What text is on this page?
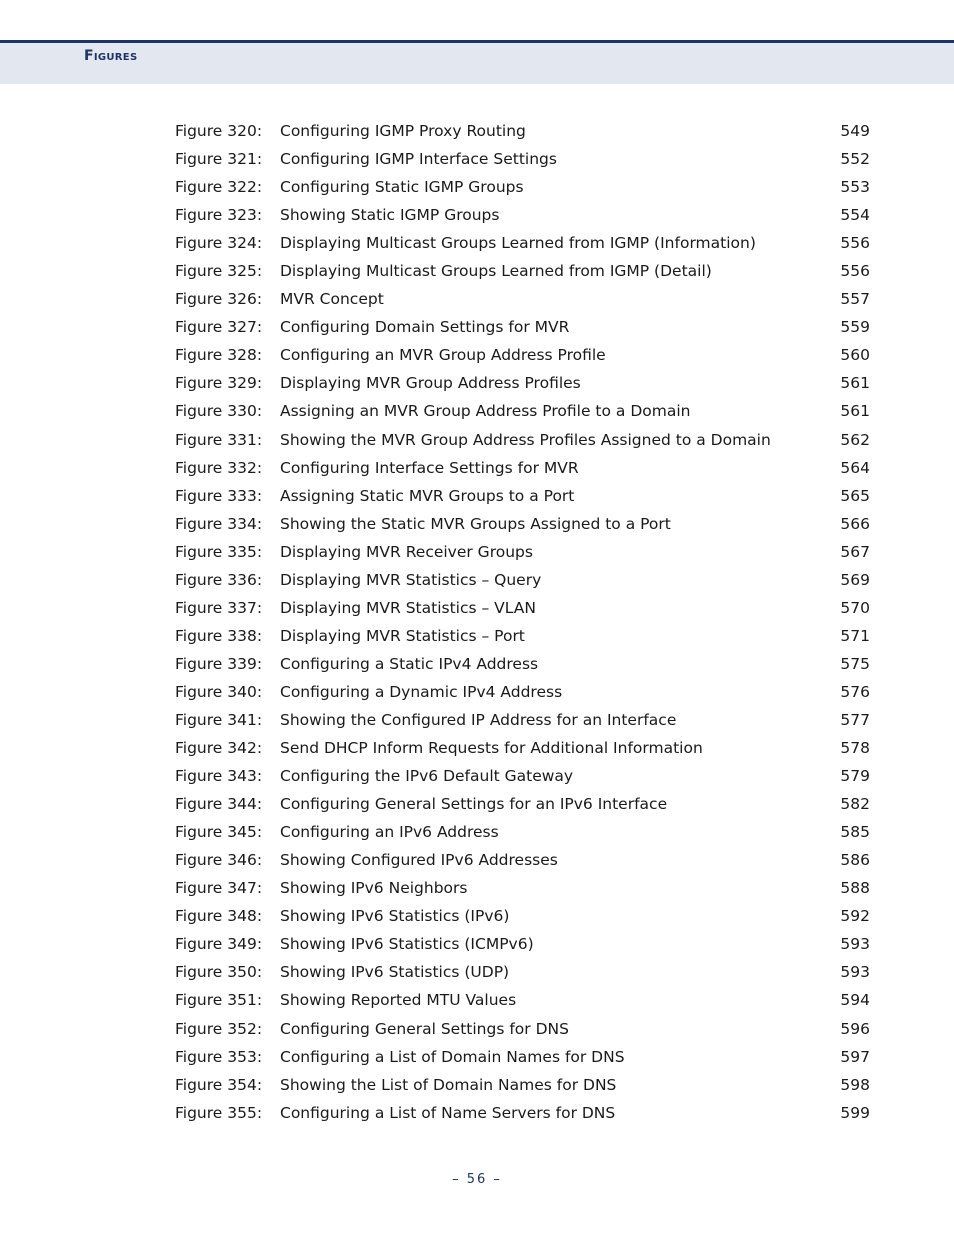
Figures
Figure 320: Configuring IGMP Proxy Routing	549
Figure 321: Configuring IGMP Interface Settings	552
Figure 322: Configuring Static IGMP Groups	553
Figure 323: Showing Static IGMP Groups	554
Figure 324: Displaying Multicast Groups Learned from IGMP (Information)	556
Figure 325: Displaying Multicast Groups Learned from IGMP (Detail)	556
Figure 326: MVR Concept	557
Figure 327: Configuring Domain Settings for MVR	559
Figure 328: Configuring an MVR Group Address Profile	560
Figure 329: Displaying MVR Group Address Profiles	561
Figure 330: Assigning an MVR Group Address Profile to a Domain	561
Figure 331: Showing the MVR Group Address Profiles Assigned to a Domain	562
Figure 332: Configuring Interface Settings for MVR	564
Figure 333: Assigning Static MVR Groups to a Port	565
Figure 334: Showing the Static MVR Groups Assigned to a Port	566
Figure 335: Displaying MVR Receiver Groups	567
Figure 336: Displaying MVR Statistics – Query	569
Figure 337: Displaying MVR Statistics – VLAN	570
Figure 338: Displaying MVR Statistics – Port	571
Figure 339: Configuring a Static IPv4 Address	575
Figure 340: Configuring a Dynamic IPv4 Address	576
Figure 341: Showing the Configured IP Address for an Interface	577
Figure 342: Send DHCP Inform Requests for Additional Information	578
Figure 343: Configuring the IPv6 Default Gateway	579
Figure 344: Configuring General Settings for an IPv6 Interface	582
Figure 345: Configuring an IPv6 Address	585
Figure 346: Showing Configured IPv6 Addresses	586
Figure 347: Showing IPv6 Neighbors	588
Figure 348: Showing IPv6 Statistics (IPv6)	592
Figure 349: Showing IPv6 Statistics (ICMPv6)	593
Figure 350: Showing IPv6 Statistics (UDP)	593
Figure 351: Showing Reported MTU Values	594
Figure 352: Configuring General Settings for DNS	596
Figure 353: Configuring a List of Domain Names for DNS	597
Figure 354: Showing the List of Domain Names for DNS	598
Figure 355: Configuring a List of Name Servers for DNS	599
– 56 –
